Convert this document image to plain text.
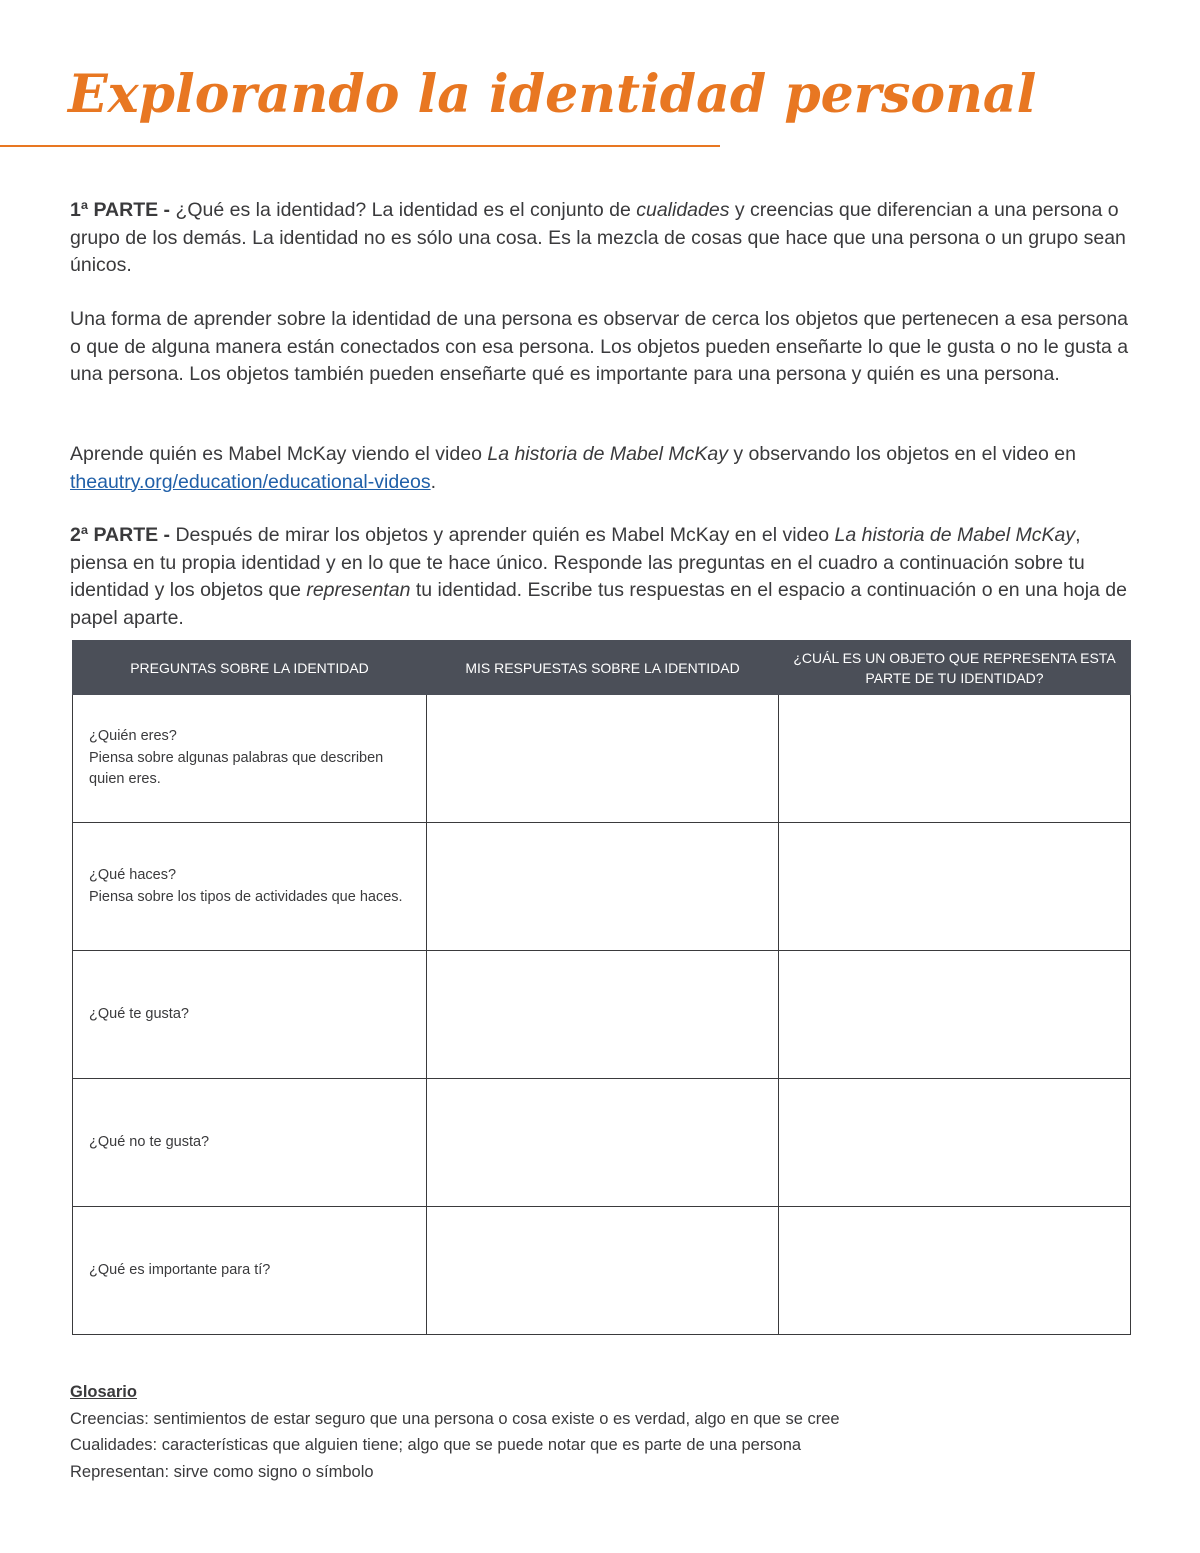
Explorando la identidad personal

1ª PARTE - ¿Qué es la identidad? La identidad es el conjunto de cualidades y creencias que diferencian a una persona o grupo de los demás. La identidad no es sólo una cosa. Es la mezcla de cosas que hace que una persona o un grupo sean únicos.

Una forma de aprender sobre la identidad de una persona es observar de cerca los objetos que pertenecen a esa persona o que de alguna manera están conectados con esa persona. Los objetos pueden enseñarte lo que le gusta o no le gusta a una persona. Los objetos también pueden enseñarte qué es importante para una persona y quién es una persona.

Aprende quién es Mabel McKay viendo el video La historia de Mabel McKay y observando los objetos en el video en theautry.org/education/educational-videos.

2ª PARTE - Después de mirar los objetos y aprender quién es Mabel McKay en el video La historia de Mabel McKay, piensa en tu propia identidad y en lo que te hace único. Responde las preguntas en el cuadro a continuación sobre tu identidad y los objetos que representan tu identidad. Escribe tus respuestas en el espacio a continuación o en una hoja de papel aparte.

PREGUNTAS SOBRE LA IDENTIDAD	MIS RESPUESTAS SOBRE LA IDENTIDAD	¿CUÁL ES UN OBJETO QUE REPRESENTA ESTA PARTE DE TU IDENTIDAD?

¿Quién eres?
Piensa sobre algunas palabras que describen quien eres.		

¿Qué haces?
Piensa sobre los tipos de actividades que haces.		

¿Qué te gusta?		

¿Qué no te gusta?		

¿Qué es importante para tí?		

Glosario
Creencias: sentimientos de estar seguro que una persona o cosa existe o es verdad, algo en que se cree
Cualidades: características que alguien tiene; algo que se puede notar que es parte de una persona
Representan: sirve como signo o símbolo
